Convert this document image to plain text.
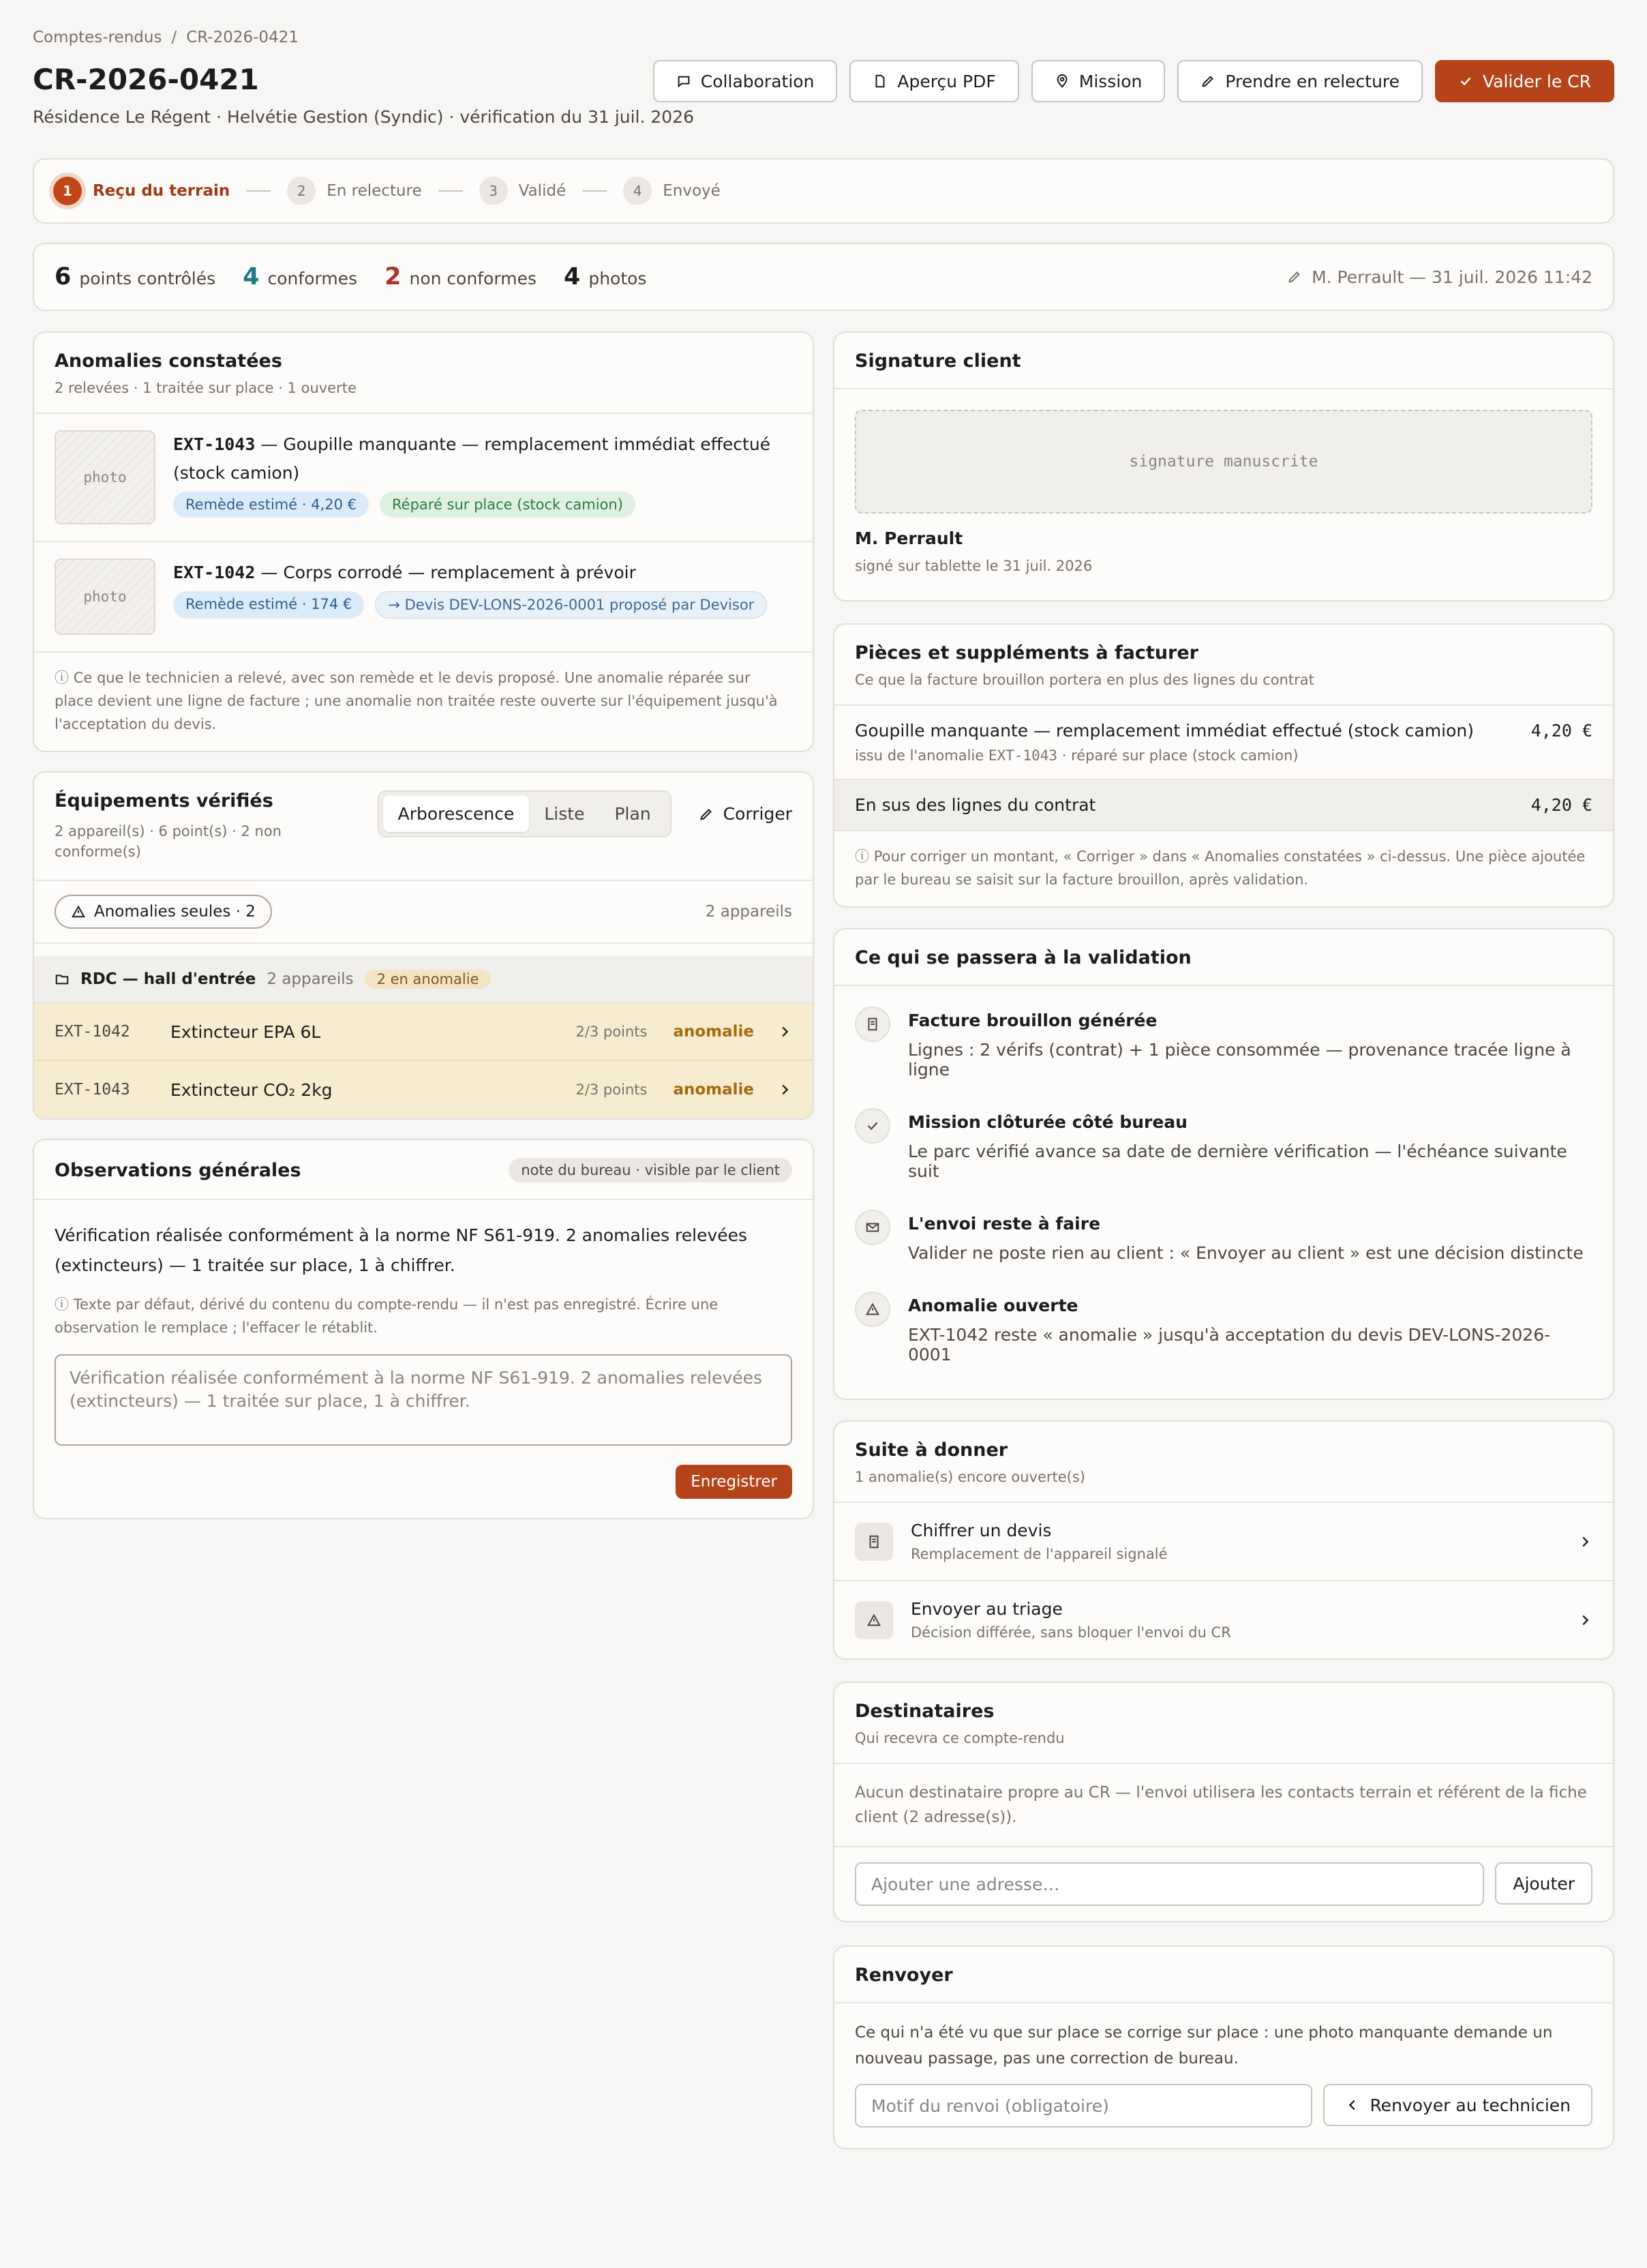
Comptes-rendus / CR-2026-0421
CR-2026-0421
Résidence Le Régent · Helvétie Gestion (Syndic) · vérification du 31 juil. 2026
Collaboration	Aperçu PDF	Mission	Prendre en relecture	Valider le CR
1	Reçu du terrain	2	En relecture	3	Validé	4	Envoyé
6 points contrôlés 4 conformes 2 non conformes 4 photos	M. Perrault — 31 juil. 2026 11:42
Anomalies constatées
2 relevées · 1 traitée sur place · 1 ouverte
photo
EXT-1043 — Goupille manquante — remplacement immédiat effectué (stock camion)
Remède estimé · 4,20 €	Réparé sur place (stock camion)
photo
EXT-1042 — Corps corrodé — remplacement à prévoir
Remède estimé · 174 €	→ Devis DEV-LONS-2026-0001 proposé par Devisor
ⓘ Ce que le technicien a relevé, avec son remède et le devis proposé. Une anomalie réparée sur place devient une ligne de facture ; une anomalie non traitée reste ouverte sur l'équipement jusqu'à l'acceptation du devis.
Équipements vérifiés
2 appareil(s) · 6 point(s) · 2 non conforme(s)
Arborescence	Liste	Plan	Corriger
Anomalies seules · 2	2 appareils
RDC — hall d'entrée 2 appareils	2 en anomalie
EXT-1042	Extincteur EPA 6L	2/3 points anomalie
EXT-1043	Extincteur CO₂ 2kg	2/3 points anomalie
Observations générales	note du bureau · visible par le client

Vérification réalisée conformément à la norme NF S61-919. 2 anomalies relevées (extincteurs) — 1 traitée sur place, 1 à chiffrer.

ⓘ Texte par défaut, dérivé du contenu du compte-rendu — il n'est pas enregistré. Écrire une observation le remplace ; l'effacer le rétablit.
Vérification réalisée conformément à la norme NF S61-919. 2 anomalies relevées (extincteurs) — 1 traitée sur place, 1 à chiffrer.
Enregistrer
Signature client
signature manuscrite
M. Perrault
signé sur tablette le 31 juil. 2026
Pièces et suppléments à facturer
Ce que la facture brouillon portera en plus des lignes du contrat
Goupille manquante — remplacement immédiat effectué (stock camion)	4,20 €
issu de l'anomalie EXT-1043 · réparé sur place (stock camion)
En sus des lignes du contrat	4,20 €
ⓘ Pour corriger un montant, « Corriger » dans « Anomalies constatées » ci-dessus. Une pièce ajoutée par le bureau se saisit sur la facture brouillon, après validation.
Ce qui se passera à la validation
Facture brouillon générée

Lignes : 2 vérifs (contrat) + 1 pièce consommée — provenance tracée ligne à ligne

Mission clôturée côté bureau

Le parc vérifié avance sa date de dernière vérification — l'échéance suivante suit

L'envoi reste à faire

Valider ne poste rien au client : « Envoyer au client » est une décision distincte

Anomalie ouverte

EXT-1042 reste « anomalie » jusqu'à acceptation du devis DEV-LONS-2026-0001

Suite à donner
1 anomalie(s) encore ouverte(s)
Chiffrer un devis
Remplacement de l'appareil signalé
Envoyer au triage
Décision différée, sans bloquer l'envoi du CR
Destinataires
Qui recevra ce compte-rendu
Aucun destinataire propre au CR — l'envoi utilisera les contacts terrain et référent de la fiche client (2 adresse(s)).
Ajouter une adresse…	Ajouter
Renvoyer
Ce qui n'a été vu que sur place se corrige sur place : une photo manquante demande un nouveau passage, pas une correction de bureau.
Motif du renvoi (obligatoire)	Renvoyer au technicien
